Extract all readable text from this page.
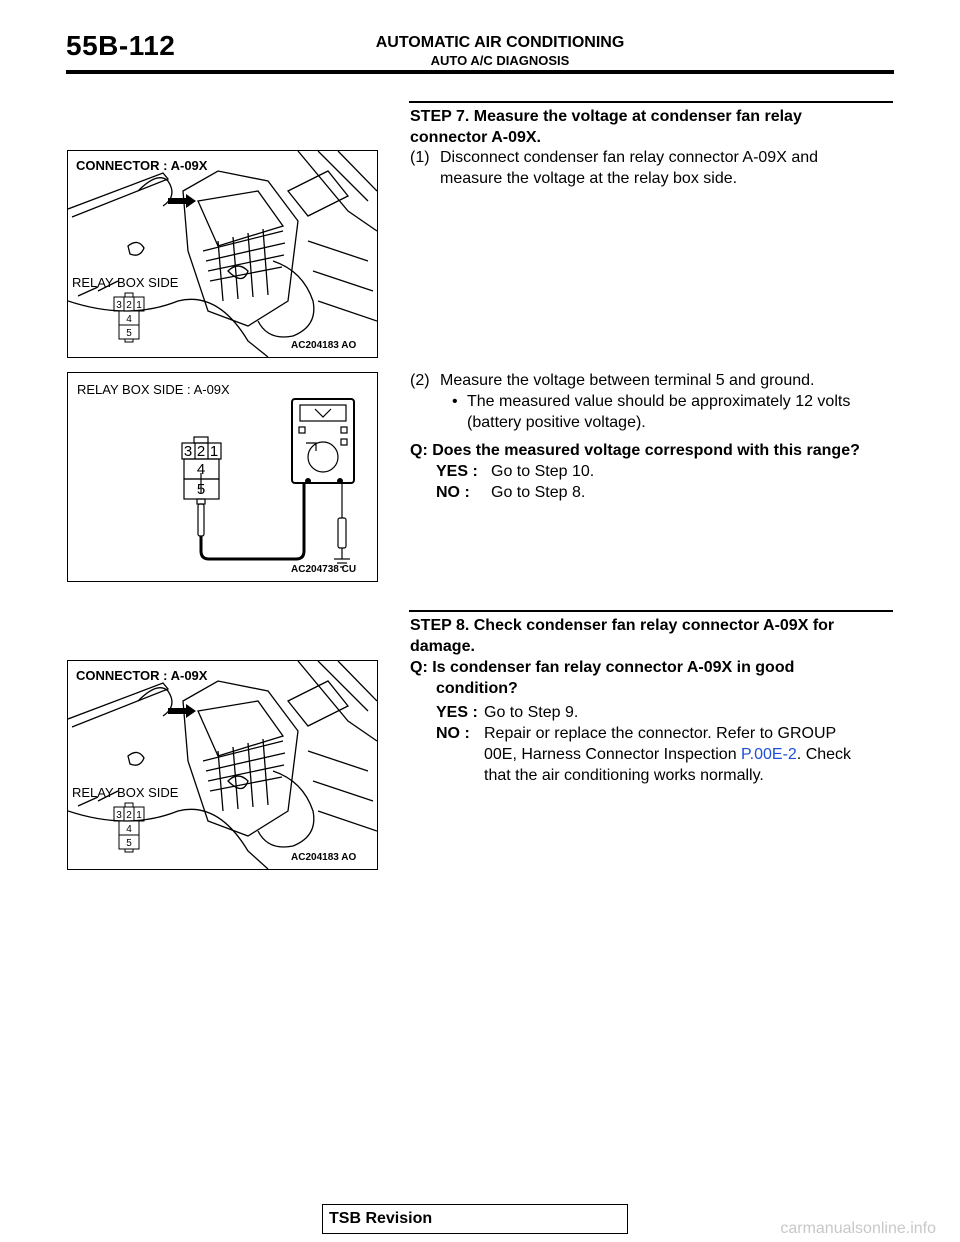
55B-112	AUTOMATIC AIR CONDITIONING
AUTO A/C DIAGNOSIS
3 2 1
4
5
CONNECTOR : A-09X
RELAY BOX SIDE
AC204183 AO
3 2 1
4
5
RELAY BOX SIDE : A-09X
AC204738 CU
3 2 1
4
5
CONNECTOR : A-09X
RELAY BOX SIDE
AC204183 AO
STEP 7. Measure the voltage at condenser fan relay
connector A-09X.
(1) Disconnect condenser fan relay connector A-09X and
measure the voltage at the relay box side.
(2) Measure the voltage between terminal 5 and ground.
• The measured value should be approximately 12 volts
(battery positive voltage).
Q: Does the measured voltage correspond with this range?
YES : Go to Step 10.
NO : Go to Step 8.
STEP 8. Check condenser fan relay connector A-09X for
damage.
Q: Is condenser fan relay connector A-09X in good
condition?
YES : Go to Step 9.
NO : Repair or replace the connector. Refer to GROUP
00E, Harness Connector Inspection P.00E-2. Check
that the air conditioning works normally.
TSB Revision
carmanualsonline.info
